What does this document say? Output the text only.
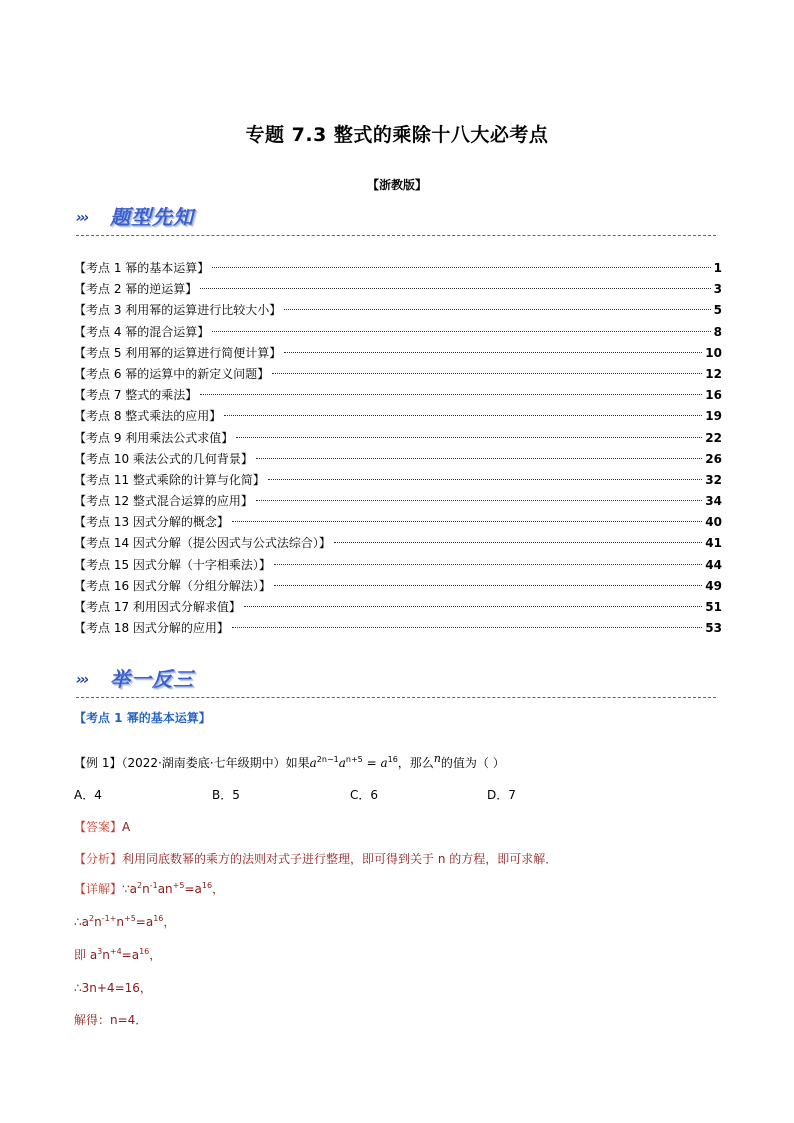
专题 7.3 整式的乘除十八大必考点
【浙教版】
››› 题型先知
【考点 1 幂的基本运算】	1
【考点 2 幂的逆运算】	3
【考点 3 利用幂的运算进行比较大小】	5
【考点 4 幂的混合运算】	8
【考点 5 利用幂的运算进行简便计算】	10
【考点 6 幂的运算中的新定义问题】	12
【考点 7 整式的乘法】	16
【考点 8 整式乘法的应用】	19
【考点 9 利用乘法公式求值】	22
【考点 10 乘法公式的几何背景】	26
【考点 11 整式乘除的计算与化简】	32
【考点 12 整式混合运算的应用】	34
【考点 13 因式分解的概念】	40
【考点 14 因式分解（提公因式与公式法综合）】	41
【考点 15 因式分解（十字相乘法）】	44
【考点 16 因式分解（分组分解法）】	49
【考点 17 利用因式分解求值】	51
【考点 18 因式分解的应用】	53
››› 举一反三
【考点 1 幂的基本运算】
【例 1】（2022·湖南娄底·七年级期中）如果$a^{2n-1}a^{n+5} = a^{16}$，那么$^n$的值为（ ）
A．4	B．5	C．6	D．7
【答案】A
【分析】利用同底数幂的乘方的法则对式子进行整理，即可得到关于 n 的方程，即可求解．
【详解】$\because a^2n^{-1}an^{+5}=a^{16}$，
$\therefore a^2n^{-1+}n^{+5}=a^{16}$，
即 $a^3n^{+4}=a^{16}$，
∴3n+4=16，
解得：n=4．
